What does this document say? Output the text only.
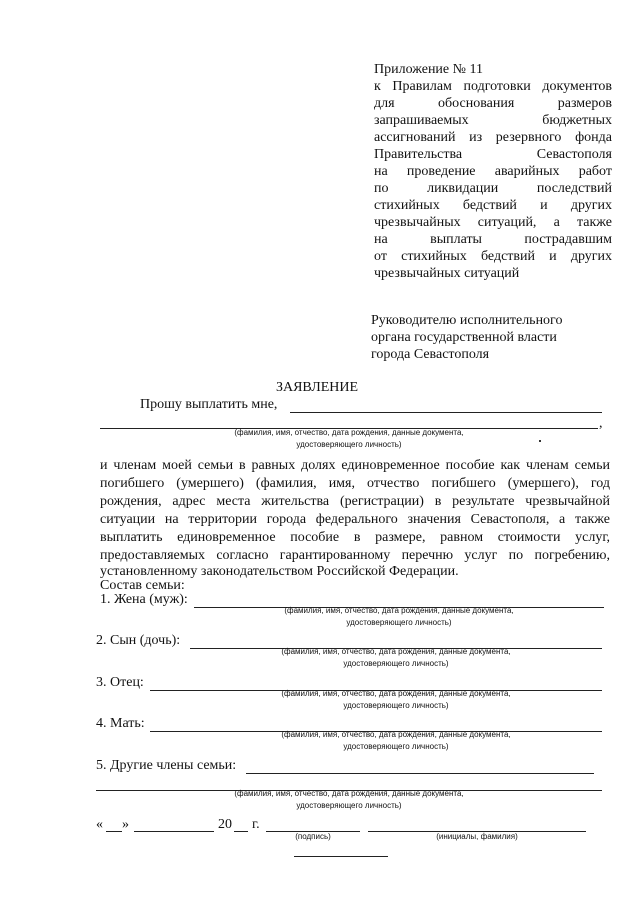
Приложение № 11
к Правилам подготовки документов
для обоснования размеров
запрашиваемых бюджетных
ассигнований из резервного фонда
Правительства Севастополя
на проведение аварийных работ
по ликвидации последствий
стихийных бедствий и других
чрезвычайных ситуаций, а также
на выплаты пострадавшим
от стихийных бедствий и других
чрезвычайных ситуаций
Руководителю исполнительного
органа государственной власти
города Севастополя
ЗАЯВЛЕНИЕ
Прошу выплатить мне,
,
(фамилия, имя, отчество, дата рождения, данные документа,
удостоверяющего личность)
и членам моей семьи в равных долях единовременное пособие как членам семьи
погибшего (умершего) (фамилия, имя, отчество погибшего (умершего), год
рождения, адрес места жительства (регистрации) в результате чрезвычайной
ситуации на территории города федерального значения Севастополя, а также
выплатить единовременное пособие в размере, равном стоимости услуг,
предоставляемых согласно гарантированному перечню услуг по погребению,
установленному законодательством Российской Федерации.
Состав семьи:
1. Жена (муж):
(фамилия, имя, отчество, дата рождения, данные документа,
удостоверяющего личность)
2. Сын (дочь):
(фамилия, имя, отчество, дата рождения, данные документа,
удостоверяющего личность)
3. Отец:
(фамилия, имя, отчество, дата рождения, данные документа,
удостоверяющего личность)
4. Мать:
(фамилия, имя, отчество, дата рождения, данные документа,
удостоверяющего личность)
5. Другие члены семьи:
(фамилия, имя, отчество, дата рождения, данные документа,
удостоверяющего личность)
« »	20 г.
(подпись)	(инициалы, фамилия)
